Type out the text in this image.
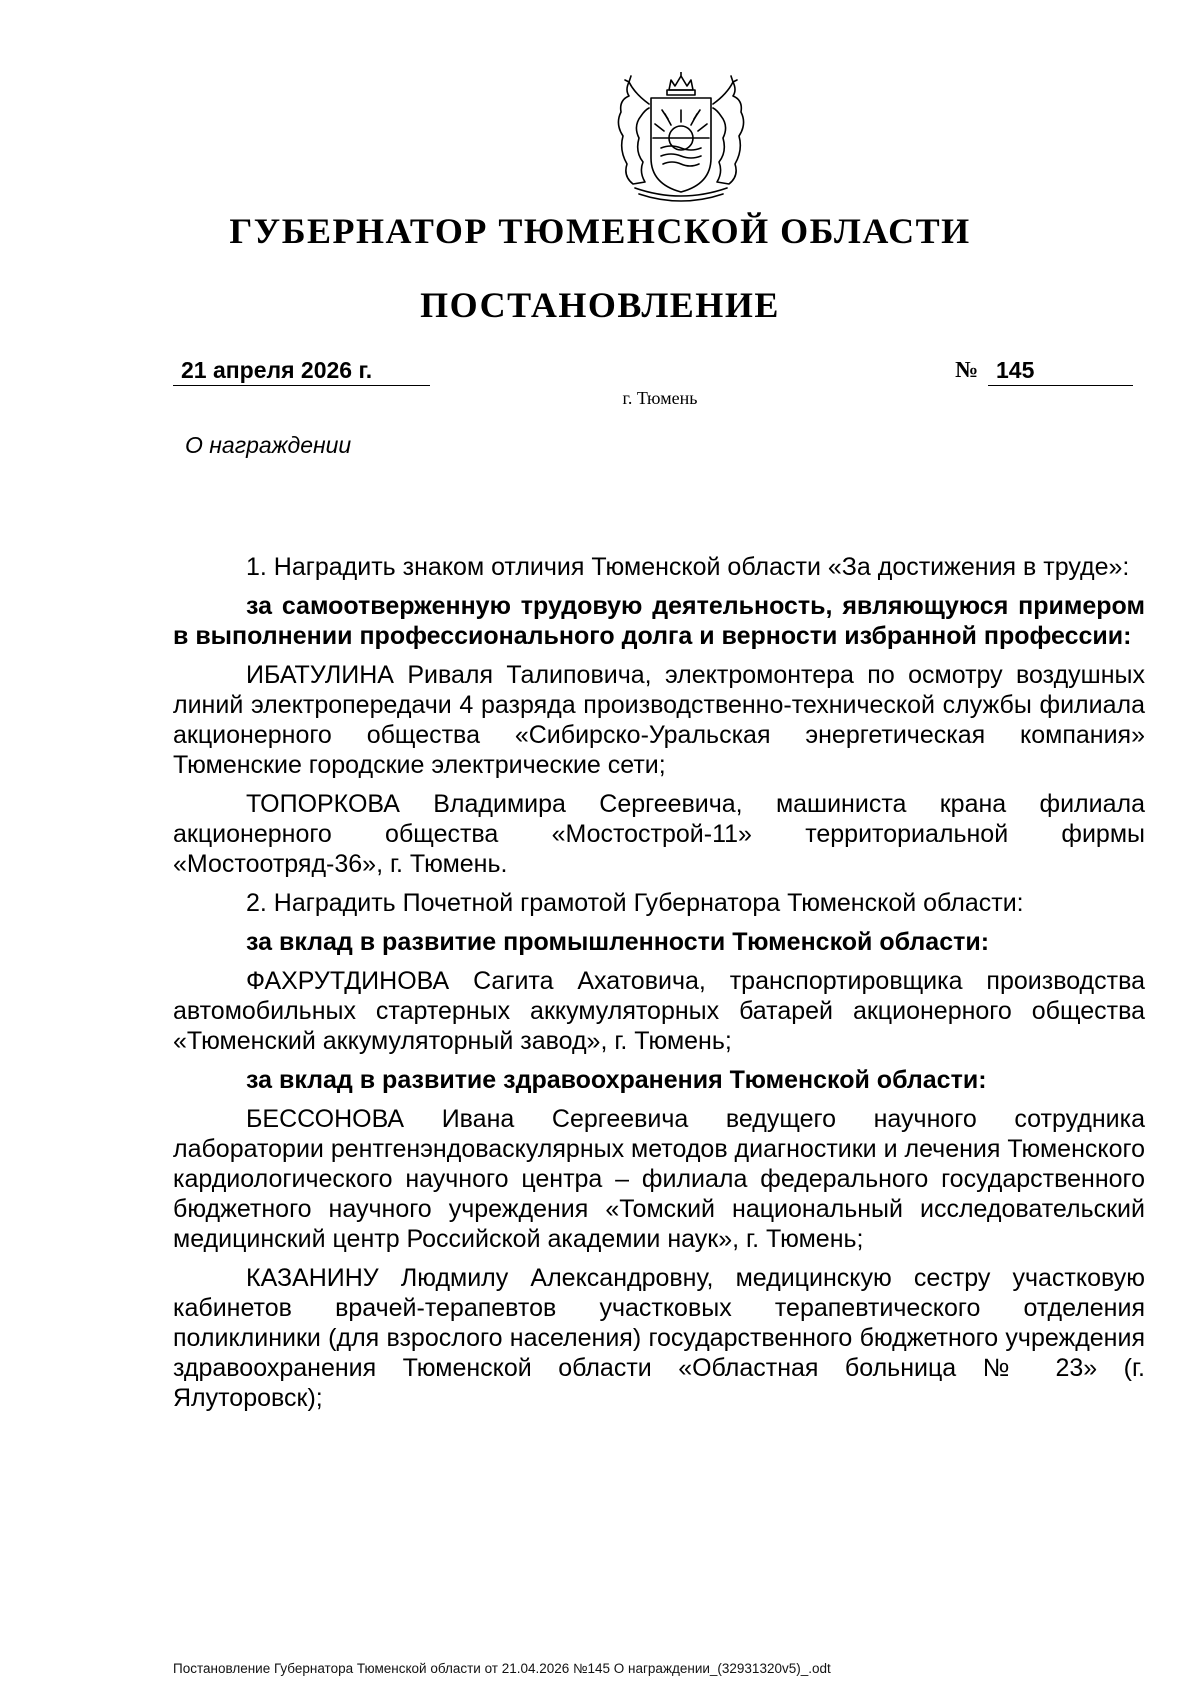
ГУБЕРНАТОР ТЮМЕНСКОЙ ОБЛАСТИ
ПОСТАНОВЛЕНИЕ
21 апреля 2026 г.	№ 145
г. Тюмень
О награждении

1. Наградить знаком отличия Тюменской области «За достижения в труде»:

за самоотверженную трудовую деятельность, являющуюся примером в выполнении профессионального долга и верности избранной профессии:

ИБАТУЛИНА Риваля Талиповича, электромонтера по осмотру воздушных линий электропередачи 4 разряда производственно-технической службы филиала акционерного общества «Сибирско-Уральская энергетическая компания» Тюменские городские электрические сети;

ТОПОРКОВА Владимира Сергеевича, машиниста крана филиала акционерного общества «Мостострой-11» территориальной фирмы «Мостоотряд-36», г. Тюмень.

2. Наградить Почетной грамотой Губернатора Тюменской области:

за вклад в развитие промышленности Тюменской области:

ФАХРУТДИНОВА Сагита Ахатовича, транспортировщика производства автомобильных стартерных аккумуляторных батарей акционерного общества «Тюменский аккумуляторный завод», г. Тюмень;

за вклад в развитие здравоохранения Тюменской области:

БЕССОНОВА Ивана Сергеевича ведущего научного сотрудника лаборатории рентгенэндоваскулярных методов диагностики и лечения Тюменского кардиологического научного центра – филиала федерального государственного бюджетного научного учреждения «Томский национальный исследовательский медицинский центр Российской академии наук», г. Тюмень;

КАЗАНИНУ Людмилу Александровну, медицинскую сестру участковую кабинетов врачей-терапевтов участковых терапевтического отделения поликлиники (для взрослого населения) государственного бюджетного учреждения здравоохранения Тюменской области «Областная больница № 23» (г. Ялуторовск);

Постановление Губернатора Тюменской области от 21.04.2026 №145 О награждении_(32931320v5)_.odt
